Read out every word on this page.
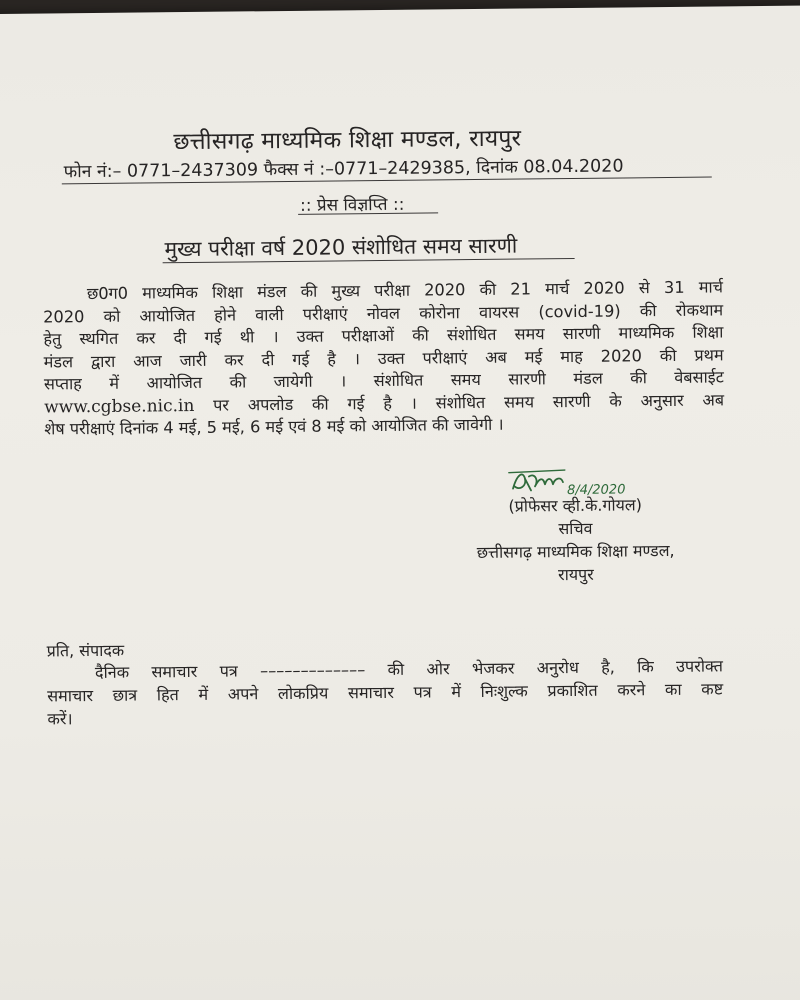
छत्तीसगढ़ माध्यमिक शिक्षा मण्डल, रायपुर
फोन नं:– 0771–2437309 फैक्स नं :–0771–2429385, दिनांक 08.04.2020
:: प्रेस विज्ञप्ति ::
मुख्य परीक्षा वर्ष 2020 संशोधित समय सारणी
छ0ग0 माध्यमिक शिक्षा मंडल की मुख्य परीक्षा 2020 की 21 मार्च 2020 से 31 मार्च
2020 को आयोजित होने वाली परीक्षाएं नोवल कोरोना वायरस (covid-19) की रोकथाम
हेतु स्थगित कर दी गई थी । उक्त परीक्षाओं की संशोधित समय सारणी माध्यमिक शिक्षा
मंडल द्वारा आज जारी कर दी गई है । उक्त परीक्षाएं अब मई माह 2020 की प्रथम
सप्ताह में आयोजित की जायेगी । संशोधित समय सारणी मंडल की वेबसाईट
www.cgbse.nic.in पर अपलोड की गई है । संशोधित समय सारणी के अनुसार अब
शेष परीक्षाएं दिनांक 4 मई, 5 मई, 6 मई एवं 8 मई को आयोजित की जावेगी ।
8/4/2020
(प्रोफेसर व्ही.के.गोयल)
सचिव
छत्तीसगढ़ माध्यमिक शिक्षा मण्डल,
रायपुर
प्रति, संपादक
दैनिक समाचार पत्र ––––––––––––– की ओर भेजकर अनुरोध है, कि उपरोक्त
समाचार छात्र हित में अपने लोकप्रिय समाचार पत्र में निःशुल्क प्रकाशित करने का कष्ट
करें।
